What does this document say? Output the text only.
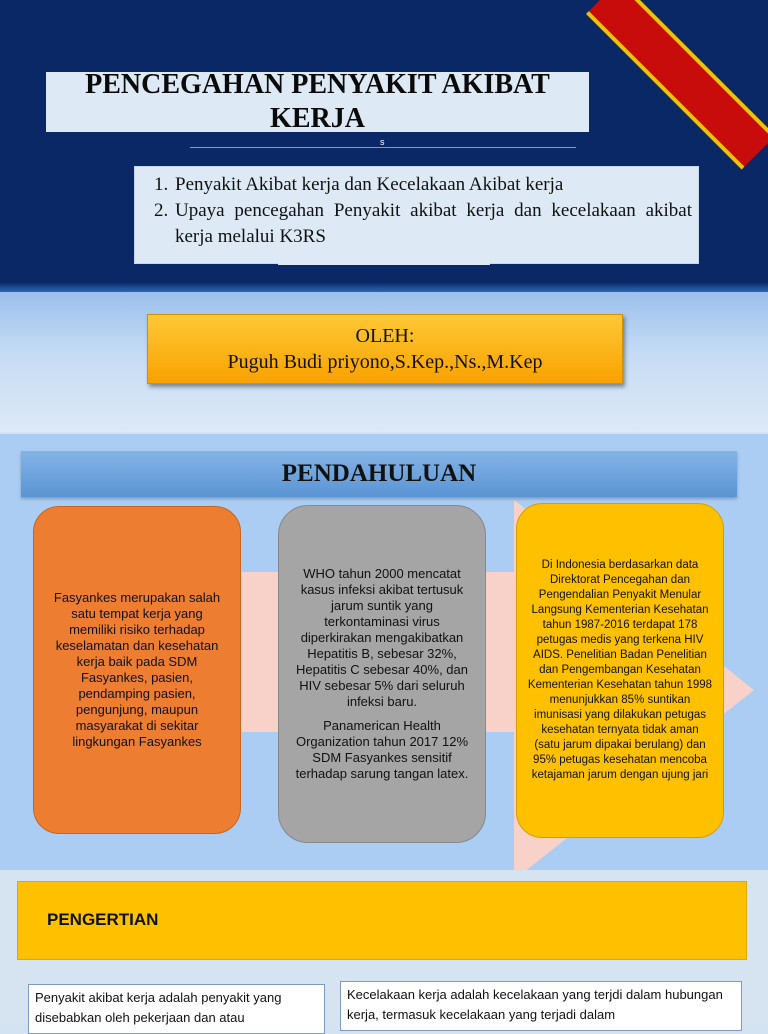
PENCEGAHAN PENYAKIT AKIBAT KERJA
s
1. Penyakit Akibat kerja dan Kecelakaan Akibat kerja
2. Upaya pencegahan Penyakit akibat kerja dan kecelakaan akibat kerja melalui K3RS
OLEH:
Puguh Budi priyono,S.Kep.,Ns.,M.Kep
PENDAHULUAN

Fasyankes merupakan salah satu tempat kerja yang memiliki risiko terhadap keselamatan dan kesehatan kerja baik pada SDM Fasyankes, pasien, pendamping pasien, pengunjung, maupun masyarakat di sekitar lingkungan Fasyankes

WHO tahun 2000 mencatat kasus infeksi akibat tertusuk jarum suntik yang terkontaminasi virus diperkirakan mengakibatkan Hepatitis B, sebesar 32%, Hepatitis C sebesar 40%, dan HIV sebesar 5% dari seluruh infeksi baru.

Panamerican Health Organization tahun 2017 12% SDM Fasyankes sensitif terhadap sarung tangan latex.

Di Indonesia berdasarkan data Direktorat Pencegahan dan Pengendalian Penyakit Menular Langsung Kementerian Kesehatan tahun 1987-2016 terdapat 178 petugas medis yang terkena HIV AIDS. Penelitian Badan Penelitian dan Pengembangan Kesehatan Kementerian Kesehatan tahun 1998 menunjukkan 85% suntikan imunisasi yang dilakukan petugas kesehatan ternyata tidak aman (satu jarum dipakai berulang) dan 95% petugas kesehatan mencoba ketajaman jarum dengan ujung jari

PENGERTIAN
Penyakit akibat kerja adalah penyakit yang disebabkan oleh pekerjaan dan atau
Kecelakaan kerja adalah kecelakaan yang terjdi dalam hubungan kerja, termasuk kecelakaan yang terjadi dalam
